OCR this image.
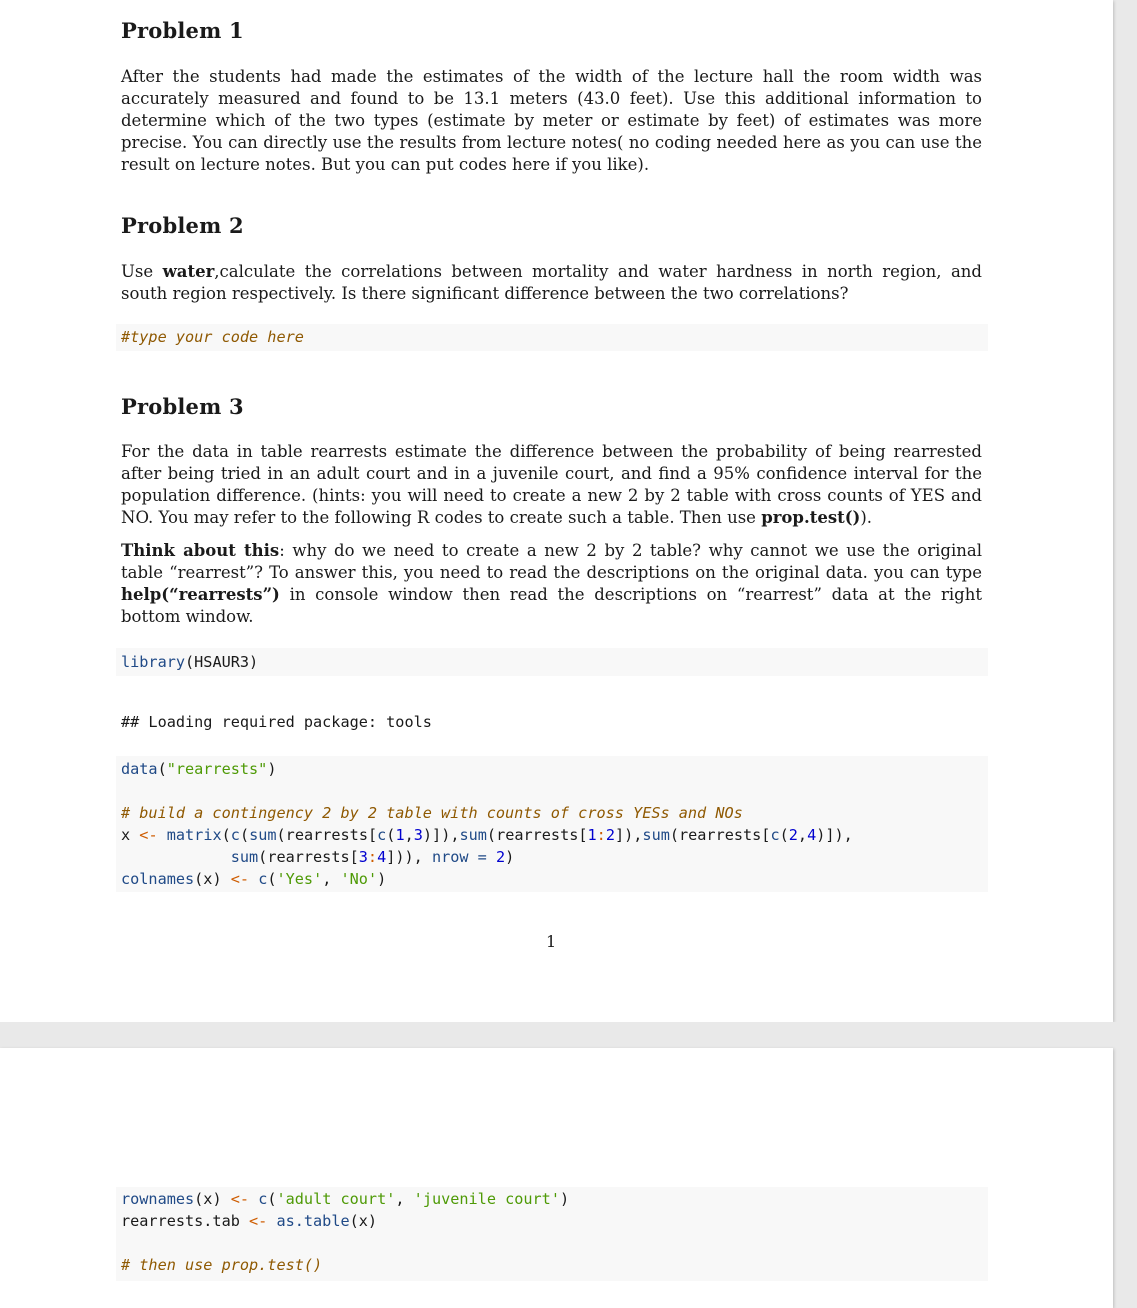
Problem 1

After the students had made the estimates of the width of the lecture hall the room width was accurately measured and found to be 13.1 meters (43.0 feet). Use this additional information to determine which of the two types (estimate by meter or estimate by feet) of estimates was more precise. You can directly use the results from lecture notes( no coding needed here as you can use the result on lecture notes. But you can put codes here if you like).

Problem 2

Use water,calculate the correlations between mortality and water hardness in north region, and south region respectively. Is there significant difference between the two correlations?

#type your code here
Problem 3

For the data in table rearrests estimate the difference between the probability of being rearrested after being tried in an adult court and in a juvenile court, and find a 95% confidence interval for the population difference. (hints: you will need to create a new 2 by 2 table with cross counts of YES and NO. You may refer to the following R codes to create such a table. Then use prop.test()).

Think about this: why do we need to create a new 2 by 2 table? why cannot we use the original table “rearrest”? To answer this, you need to read the descriptions on the original data. you can type help(“rearrests”) in console window then read the descriptions on “rearrest” data at the right bottom window.

library(HSAUR3)
## Loading required package: tools
data("rearrests")

# build a contingency 2 by 2 table with counts of cross YESs and NOs
x <- matrix(c(sum(rearrests[c(1,3)]),sum(rearrests[1:2]),sum(rearrests[c(2,4)]),
sum(rearrests[3:4])), nrow = 2)
colnames(x) <- c('Yes', 'No')
1
rownames(x) <- c('adult court', 'juvenile court')
rearrests.tab <- as.table(x)

# then use prop.test()
